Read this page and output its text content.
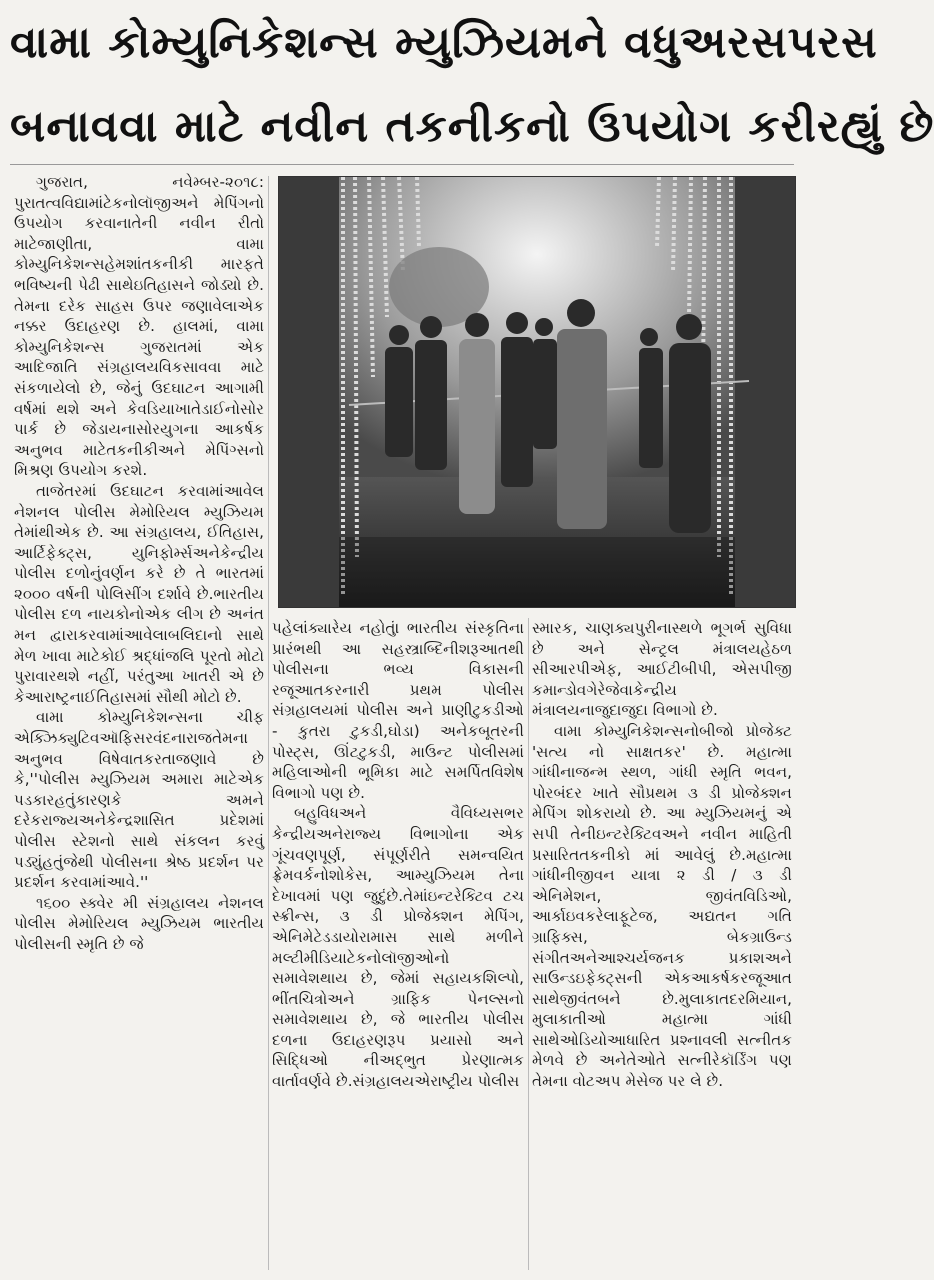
વામા કોમ્યુનિકેશન્સ મ્યુઝિયમને વધુઅરસપરસ
બનાવવા માટે નવીન તકનીકનો ઉપયોગ કરીરહ્યું છે

ગુજરાત, નવેમ્બર-૨૦૧૮: પુરાતત્વવિદ્યામાંટેકનોલૉજીઅને મેપિંગનો ઉપયોગ કરવાનાતેની નવીન રીતો માટેજાણીતા, વામા કોમ્યુનિકેશન્સહેમશાંતકનીકી મારફતે ભવિષ્યની પેઢી સાથેઇતિહાસને જોડ્યો છે. તેમના દરેક સાહસ ઉપર જણાવેલાએક નક્કર ઉદાહરણ છે. હાલમાં, વામા કોમ્યુનિકેશન્સ ગુજરાતમાં એક આદિજાતિ સંગ્રહાલયવિકસાવવા માટે સંકળાયેલો છે, જેનું ઉદઘાટન આગામી વર્ષમાં થશે અને કેવડિયાખાતેડાઈનોસોર પાર્ક છે જેડાયનાસોરયુગના આકર્ષક અનુભવ માટેતકનીકીઅને મેપિંગ્સનો મિશ્રણ ઉપયોગ કરશે.

તાજેતરમાં ઉદઘાટન કરવામાંઆવેલ નેશનલ પોલીસ મેમોરિયલ મ્યુઝિયમ તેમાંથીએક છે. આ સંગ્રહાલય, ઈતિહાસ, આર્ટિફેક્ટ્સ, યુનિફોર્મ્સઅનેકેન્દ્રીય પોલીસ દળોનુંવર્ણન કરે છે તે ભારતમાં ૨૦૦૦ વર્ષની પોલિસીંગ દર્શાવે છે.ભારતીય પોલીસ દળ નાયકોનોએક લીગ છે અનંત મન દ્વારાકરવામાંઆવેલાબલિદાનો સાથે મેળ ખાવા માટેકોઈ શ્રદ્ધાંજલિ પૂરતો મોટો પુરાવારથશે નહીં, પરંતુઆ ખાતરી એ છે કેઆરાષ્ટ્રનાઈતિહાસમાં સૌથી મોટો છે.

વામા કોમ્યુનિકેશન્સના ચીફ એક્ઝિક્યુટિવઑફિસરવંદનારાજતેમના અનુભવ વિષેવાતકરતાજણાવે છે કે,''પોલીસ મ્યુઝિયમ અમારા માટેએક પડકારહતુંકારણકે અમને દરેકરાજ્યઅનેકેન્દ્રશાસિત પ્રદેશમાં પોલીસ સ્ટેશનો સાથે સંકલન કરવું પડ્યુંહતુંજેથી પોલીસના શ્રેષ્ઠ પ્રદર્શન પર પ્રદર્શન કરવામાંઆવે.''

૧૬૦૦ સ્ક્વેર મી સંગ્રહાલય નેશનલ પોલીસ મેમોરિયલ મ્યુઝિયમ ભારતીય પોલીસની સ્મૃતિ છે જે

પહેલાંક્યારેય નહોતું। ભારતીય સંસ્કૃતિના પ્રારંભથી આ સહસ્ત્રાબ્દિનીશરૂઆતથી પોલીસના ભવ્ય વિકાસની રજૂઆતકરનારી પ્રથમ પોલીસ સંગ્રહાલયમાં પોલીસ અને પ્રાણીટુકડીઓ - કુતરા ટુકડી,ઘોડા) અનેકબૂતરની પોસ્ટ્સ, ઊંટટુકડી, માઉન્ટ પોલીસમાં મહિલાઓની ભૂમિકા માટે સમર્પિતવિશેષ વિભાગો પણ છે.

બહુવિધઅને વૈવિધ્યસભર કેન્દ્રીયઅનેરાજ્ય વિભાગોના એક ગૂંચવણપૂર્ણ, સંપૂર્ણરીતે સમન્વયિત ફ્રેમવર્કનોશોકેસ, આમ્યુઝિયમ તેના દેખાવમાં પણ જુદુંછે.તેમાંઇન્ટરેક્ટિવ ટચ સ્ક્રીન્સ, ૩ ડી પ્રોજેક્શન મેપિંગ, એનિમેટેડડાયોરામાસ સાથે મળીને મલ્ટીમીડિયાટેકનોલૉજીઓનો સમાવેશથાય છે, જેમાં સહાયકશિલ્પો, ભીંતચિત્રોઅને ગ્રાફિક પેનલ્સનો સમાવેશથાય છે, જે ભારતીય પોલીસ દળના ઉદાહરણરૂપ પ્રયાસો અને સિદ્ધિઓ નીઅદ્ભુત પ્રેરણાત્મક વાર્તાવર્ણવે છે.સંગ્રહાલયએરાષ્ટ્રીય પોલીસ

સ્મારક, ચાણક્યપુરીનાસ્થળે ભૂગર્ભ સુવિધા છે અને સેન્ટ્રલ મંત્રાલયહેઠળ સીઆરપીએફ, આઈટીબીપી, એસપીજી કમાન્ડોવગેરેજેવાકેન્દ્રીય મંત્રાલયનાજુદાજુદા વિભાગો છે.

વામા કોમ્યુનિકેશન્સનોબીજો પ્રોજેક્ટ 'સત્ય નો સાક્ષતકર' છે. મહાત્મા ગાંધીનાજન્મ સ્થળ, ગાંધી સ્મૃતિ ભવન, પોરબંદર ખાતે સૌપ્રથમ ૩ ડી પ્રોજેક્શન મેપિંગ શોકરાયો છે. આ મ્યુઝિયમનું એ સપી તેનીઇન્ટરેક્ટિવઅને નવીન માહિતી પ્રસારિતતકનીકો માં આવેલું છે.મહાત્મા ગાંધીનીજીવન યાત્રા ૨ ડી / ૩ ડી એનિમેશન, જીવંતવિડિઓ, આર્કાઇવકરેલાફૂટેજ, અદ્યતન ગતિ ગ્રાફિક્સ, બેકગ્રાઉન્ડ સંગીતઅનેઆશ્ચર્યજનક પ્રકાશઅને સાઉન્ડઇફેક્ટ્સની એકઆકર્ષકરજૂઆત સાથેજીવંતબને છે.મુલાકાતદરમિયાન, મુલાકાતીઓ મહાત્મા ગાંધી સાથેઓડિયોઆધારિત પ્રશ્નાવલી સત્નીતક મેળવે છે અનેતેઓતે સત્નીરેકૉર્ડિંગ પણ તેમના વોટઅપ મેસેજ પર લે છે.
